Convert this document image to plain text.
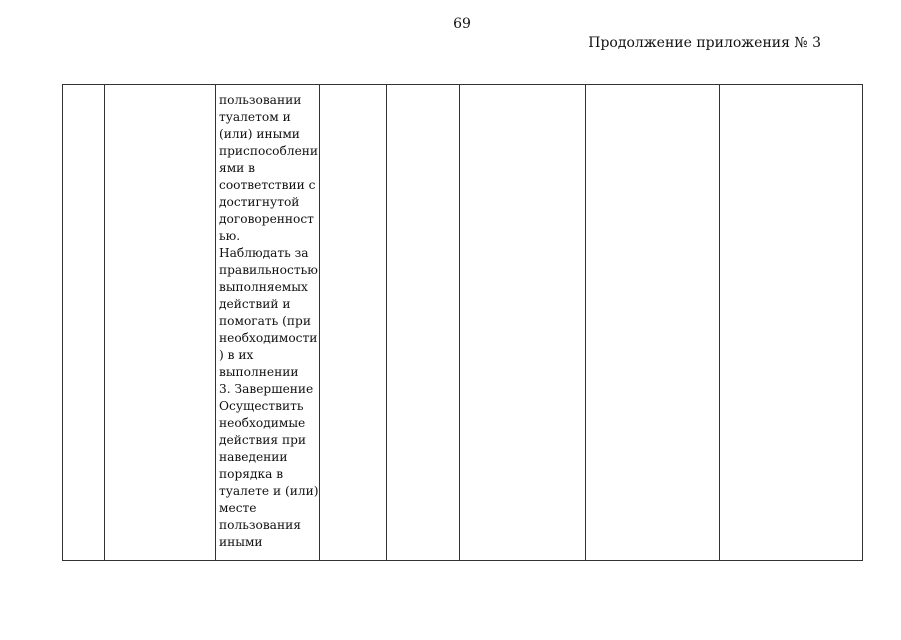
69
Продолжение приложения № 3

пользовании
туалетом и
(или) иными
приспособлени
ями в
соответствии с
достигнутой
договоренност
ью.
Наблюдать за
правильностью
выполняемых
действий и
помогать (при
необходимости
) в их
выполнении
3. Завершение
Осуществить
необходимые
действия при
наведении
порядка в
туалете и (или)
месте
пользования
иными
